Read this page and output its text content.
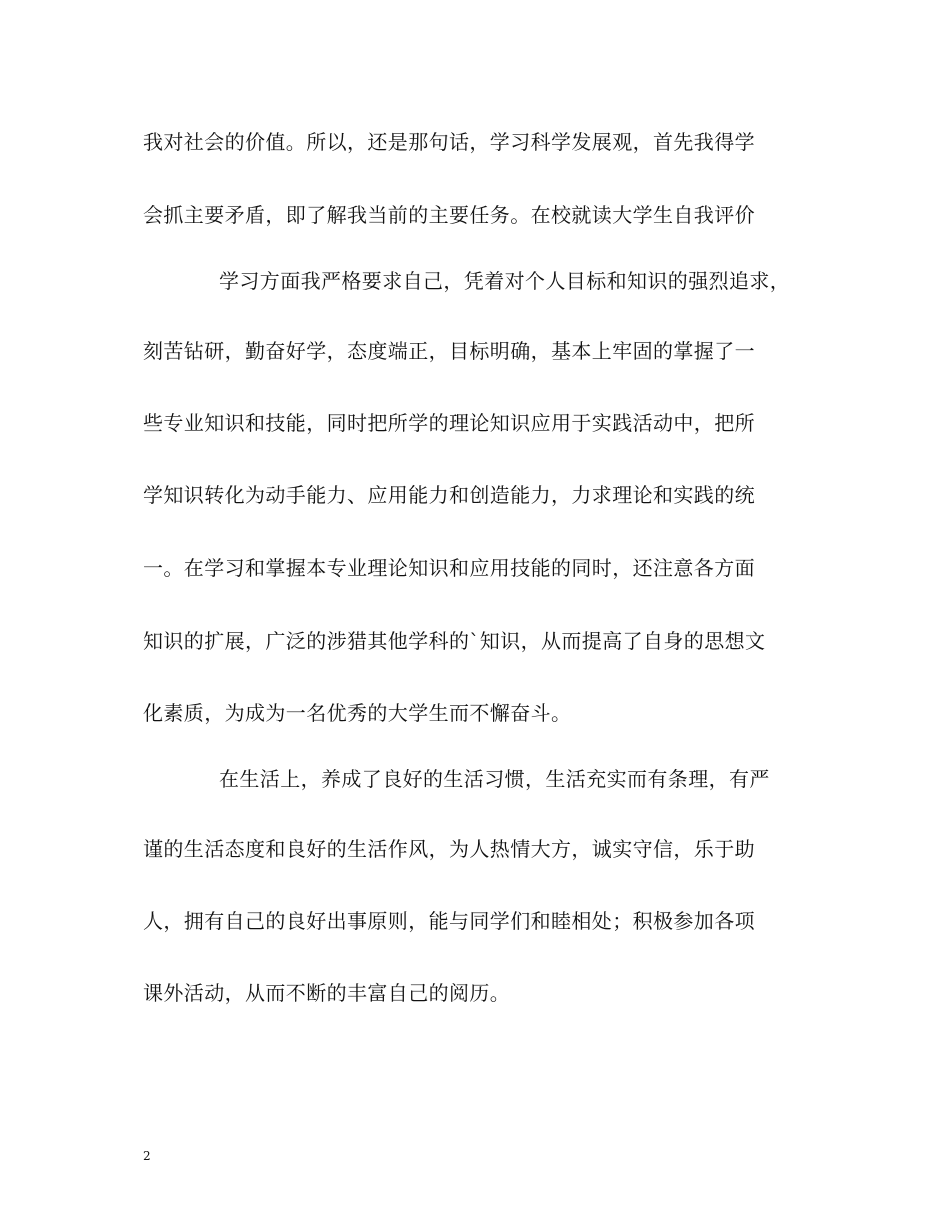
我对社会的价值。所以，还是那句话，学习科学发展观，首先我得学
会抓主要矛盾，即了解我当前的主要任务。在校就读大学生自我评价
学习方面我严格要求自己，凭着对个人目标和知识的强烈追求，
刻苦钻研，勤奋好学，态度端正，目标明确，基本上牢固的掌握了一
些专业知识和技能，同时把所学的理论知识应用于实践活动中，把所
学知识转化为动手能力、应用能力和创造能力，力求理论和实践的统
一。在学习和掌握本专业理论知识和应用技能的同时，还注意各方面
知识的扩展，广泛的涉猎其他学科的`知识，从而提高了自身的思想文
化素质，为成为一名优秀的大学生而不懈奋斗。
在生活上，养成了良好的生活习惯，生活充实而有条理，有严
谨的生活态度和良好的生活作风，为人热情大方，诚实守信，乐于助
人，拥有自己的良好出事原则，能与同学们和睦相处；积极参加各项
课外活动，从而不断的丰富自己的阅历。
2
